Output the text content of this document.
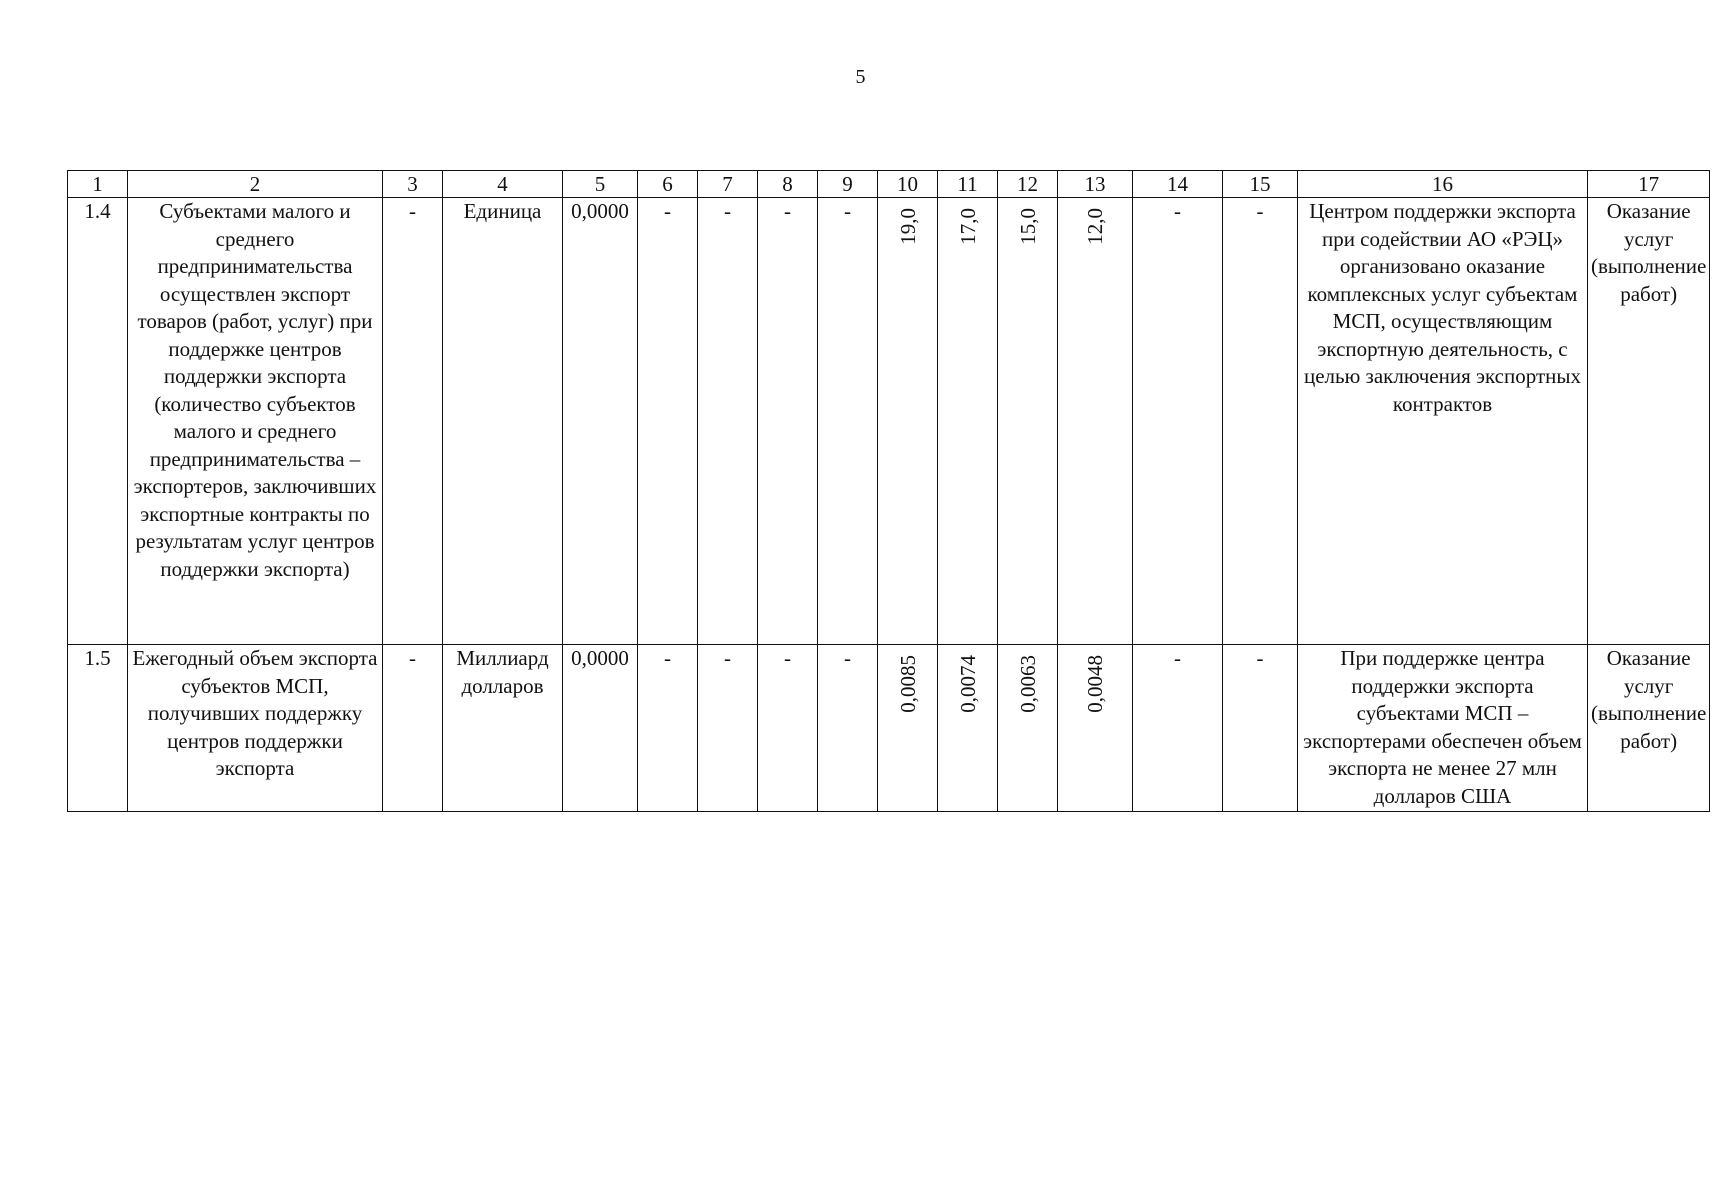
5
1	2	3	4	5	6	7	8	9	10	11	12	13	14	15	16	17
1.4	Субъектами малого и среднего предпринимательства осуществлен экспорт товаров (работ, услуг) при поддержке центров поддержки экспорта (количество субъектов малого и среднего предпринимательства – экспортеров, заключивших экспортные контракты по результатам услуг центров поддержки экспорта)	-	Единица	0,0000	-	-	-	-	19,0	17,0	15,0	12,0	-	-	Центром поддержки экспорта при содействии АО «РЭЦ» организовано оказание комплексных услуг субъектам МСП, осуществляющим экспортную деятельность, с целью заключения экспортных контрактов	Оказание услуг (выполнение работ)
1.5	Ежегодный объем экспорта субъектов МСП, получивших поддержку центров поддержки экспорта	-	Миллиард долларов	0,0000	-	-	-	-	0,0085	0,0074	0,0063	0,0048	-	-	При поддержке центра поддержки экспорта субъектами МСП – экспортерами обеспечен объем экспорта не менее 27 млн долларов США	Оказание услуг (выполнение работ)
